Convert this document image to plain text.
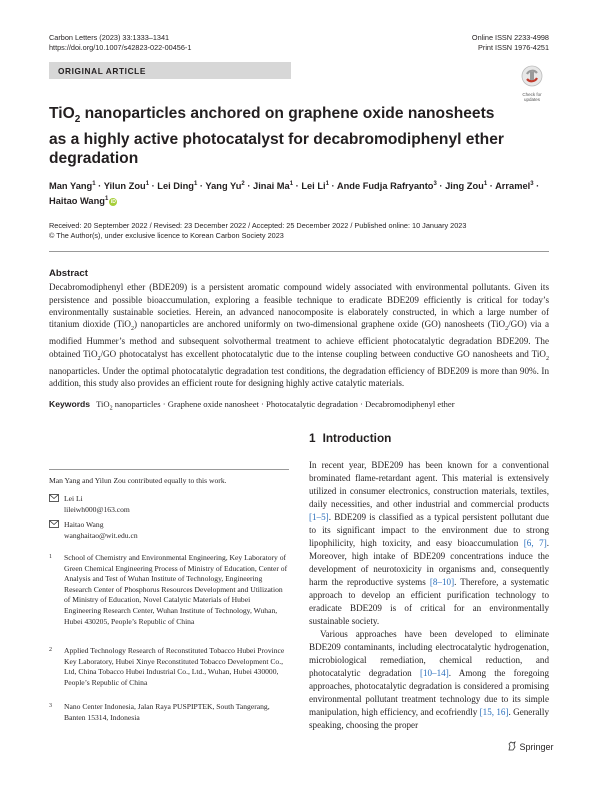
Carbon Letters (2023) 33:1333–1341
https://doi.org/10.1007/s42823-022-00456-1
Online ISSN 2233-4998
Print ISSN 1976-4251
Check for
updates
ORIGINAL ARTICLE
TiO$_2$ nanoparticles anchored on graphene oxide nanosheets as a highly active photocatalyst for decabromodiphenyl ether degradation
Man Yang$^1$ · Yilun Zou$^1$ · Lei Ding$^1$ · Yang $Yu^2$ · Jinai $Ma^1$ · Lei $Li^1$ · Ande Fudja Rafryanto$^3$ · Jing Zou$^1$ · Arramel$^3$ · Haitao Wang$^1$iD
Received: 20 September 2022 / Revised: 23 December 2022 / Accepted: 25 December 2022 / Published online: 10 January 2023
© The Author(s), under exclusive licence to Korean Carbon Society 2023
Abstract
Decabromodiphenyl ether (BDE209) is a persistent aromatic compound widely associated with environmental pollutants. Given its persistence and possible bioaccumulation, exploring a feasible technique to eradicate BDE209 efficiently is critical for today’s environmentally sustainable societies. Herein, an advanced nanocomposite is elaborately constructed, in which a large number of titanium dioxide (TiO$_2$) nanoparticles are anchored uniformly on two-dimensional graphene oxide (GO) nanosheets (TiO$_2$/GO) via a modified Hummer’s method and subsequent solvothermal treatment to achieve efficient photocatalytic degradation BDE209. The obtained TiO$_2$/GO photocatalyst has excellent photocatalytic due to the intense coupling between conductive GO nanosheets and TiO$_2$ nanoparticles. Under the optimal photocatalytic degradation test conditions, the degradation efficiency of BDE209 is more than 90%. In addition, this study also provides an efficient route for designing highly active catalytic materials.
Keywords TiO$_2$ nanoparticles · Graphene oxide nanosheet · Photocatalytic degradation · Decabromodiphenyl ether
1 Introduction

In recent year, BDE209 has been known for a conventional brominated flame-retardant agent. This material is extensively utilized in consumer electronics, construction materials, textiles, daily necessities, and other industrial and commercial products [1–5]. BDE209 is classified as a typical persistent pollutant due to its significant impact to the environment due to strong lipophilicity, high toxicity, and easy bioaccumulation [6, 7]. Moreover, high intake of BDE209 concentrations induce the development of neurotoxicity in organisms and, consequently harm the reproductive systems [8–10]. Therefore, a systematic approach to develop an efficient purification technology to eradicate BDE209 is of critical for an environmentally sustainable society.

Various approaches have been developed to eliminate BDE209 contaminants, including electrocatalytic hydrogenation, microbiological remediation, chemical reduction, and photocatalytic degradation [10–14]. Among the foregoing approaches, photocatalytic degradation is considered a promising environmental pollutant treatment technology due to its simple manipulation, high efficiency, and ecofriendly [15, 16]. Generally speaking, choosing the proper

Man Yang and Yilun Zou contributed equally to this work.
Lei Li
lileiwh000@163.com
Haitao Wang
wanghaitao@wit.edu.cn
1 School of Chemistry and Environmental Engineering, Key Laboratory of Green Chemical Engineering Process of Ministry of Education, Center of Analysis and Test of Wuhan Institute of Technology, Engineering Research Center of Phosphorus Resources Development and Utilization of Ministry of Education, Novel Catalytic Materials of Hubei Engineering Research Center, Wuhan Institute of Technology, Wuhan, Hubei 430205, People’s Republic of China
2 Applied Technology Research of Reconstituted Tobacco Hubei Province Key Laboratory, Hubei Xinye Reconstituted Tobacco Development Co., Ltd, China Tobacco Hubei Industrial Co., Ltd., Wuhan, Hubei 430000, People’s Republic of China
3 Nano Center Indonesia, Jalan Raya PUSPIPTEK, South Tangerang, Banten 15314, Indonesia
Springer
